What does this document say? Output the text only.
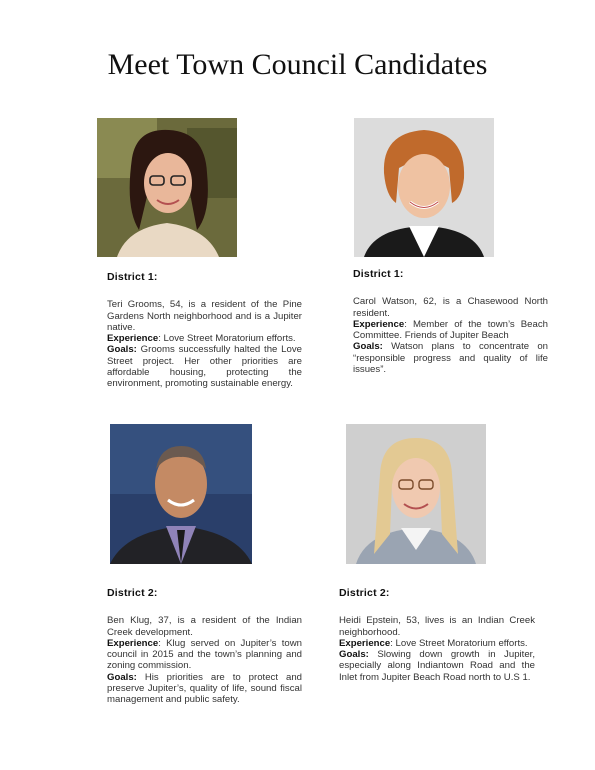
Meet Town Council Candidates
District 1:

Teri Grooms, 54, is a resident of the Pine Gardens North neighborhood and is a Jupiter native.

Experience: Love Street Moratorium efforts.

Goals: Grooms successfully halted the Love Street project. Her other priorities are affordable housing, protecting the environment, promoting sustainable energy.

District 1:

Carol Watson, 62, is a Chasewood North resident.

Experience: Member of the town’s Beach Committee. Friends of Jupiter Beach

Goals: Watson plans to concentrate on “responsible progress and quality of life issues”.

District 2:

Ben Klug, 37, is a resident of the Indian Creek development.

Experience: Klug served on Jupiter’s town council in 2015 and the town’s planning and zoning commission.

Goals: His priorities are to protect and preserve Jupiter’s, quality of life, sound fiscal management and public safety.

District 2:

Heidi Epstein, 53, lives is an Indian Creek neighborhood.

Experience: Love Street Moratorium efforts.

Goals: Slowing down growth in Jupiter, especially along Indiantown Road and the Inlet from Jupiter Beach Road north to U.S 1.
